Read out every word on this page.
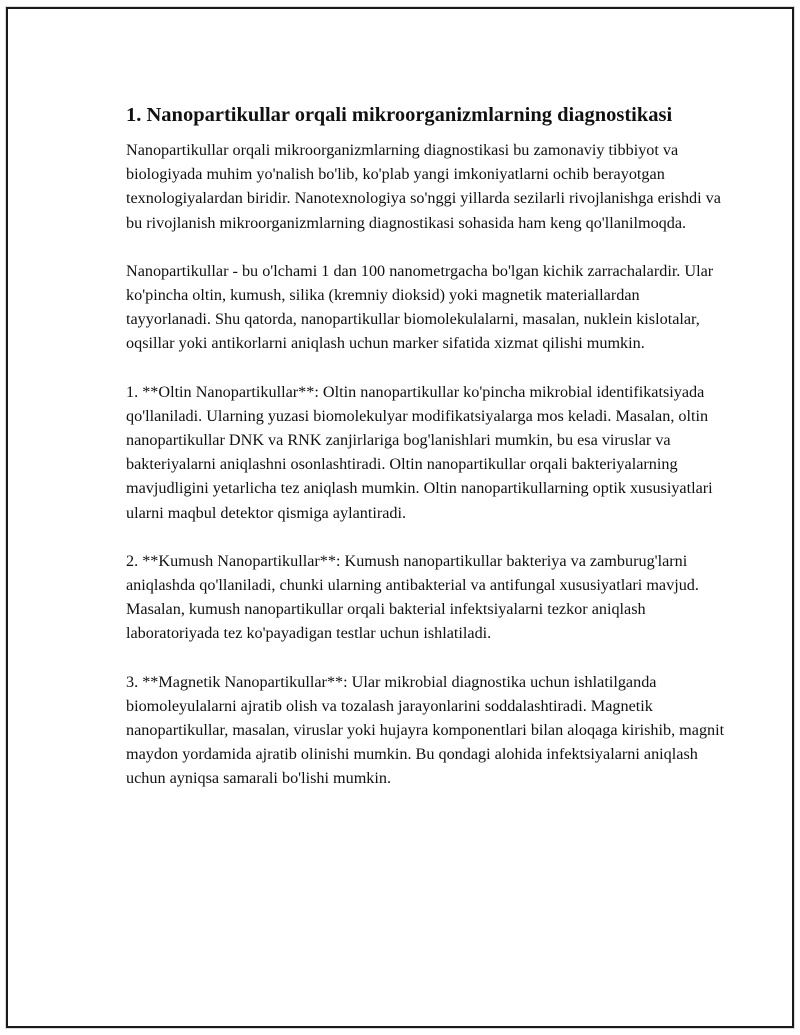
1. Nanopartikullar orqali mikroorganizmlarning diagnostikasi

Nanopartikullar orqali mikroorganizmlarning diagnostikasi bu zamonaviy tibbiyot va biologiyada muhim yo'nalish bo'lib, ko'plab yangi imkoniyatlarni ochib berayotgan texnologiyalardan biridir. Nanotexnologiya so'nggi yillarda sezilarli rivojlanishga erishdi va bu rivojlanish mikroorganizmlarning diagnostikasi sohasida ham keng qo'llanilmoqda.

Nanopartikullar - bu o'lchami 1 dan 100 nanometrgacha bo'lgan kichik zarrachalardir. Ular ko'pincha oltin, kumush, silika (kremniy dioksid) yoki magnetik materiallardan tayyorlanadi. Shu qatorda, nanopartikullar biomolekulalarni, masalan, nuklein kislotalar, oqsillar yoki antikorlarni aniqlash uchun marker sifatida xizmat qilishi mumkin.

1. **Oltin Nanopartikullar**: Oltin nanopartikullar ko'pincha mikrobial identifikatsiyada qo'llaniladi. Ularning yuzasi biomolekulyar modifikatsiyalarga mos keladi. Masalan, oltin nanopartikullar DNK va RNK zanjirlariga bog'lanishlari mumkin, bu esa viruslar va bakteriyalarni aniqlashni osonlashtiradi. Oltin nanopartikullar orqali bakteriyalarning mavjudligini yetarlicha tez aniqlash mumkin. Oltin nanopartikullarning optik xususiyatlari ularni maqbul detektor qismiga aylantiradi.

2. **Kumush Nanopartikullar**: Kumush nanopartikullar bakteriya va zamburug'larni aniqlashda qo'llaniladi, chunki ularning antibakterial va antifungal xususiyatlari mavjud. Masalan, kumush nanopartikullar orqali bakterial infektsiyalarni tezkor aniqlash laboratoriyada tez ko'payadigan testlar uchun ishlatiladi.

3. **Magnetik Nanopartikullar**: Ular mikrobial diagnostika uchun ishlatilganda biomoleyulalarni ajratib olish va tozalash jarayonlarini soddalashtiradi. Magnetik nanopartikullar, masalan, viruslar yoki hujayra komponentlari bilan aloqaga kirishib, magnit maydon yordamida ajratib olinishi mumkin. Bu qondagi alohida infektsiyalarni aniqlash uchun ayniqsa samarali bo'lishi mumkin.
